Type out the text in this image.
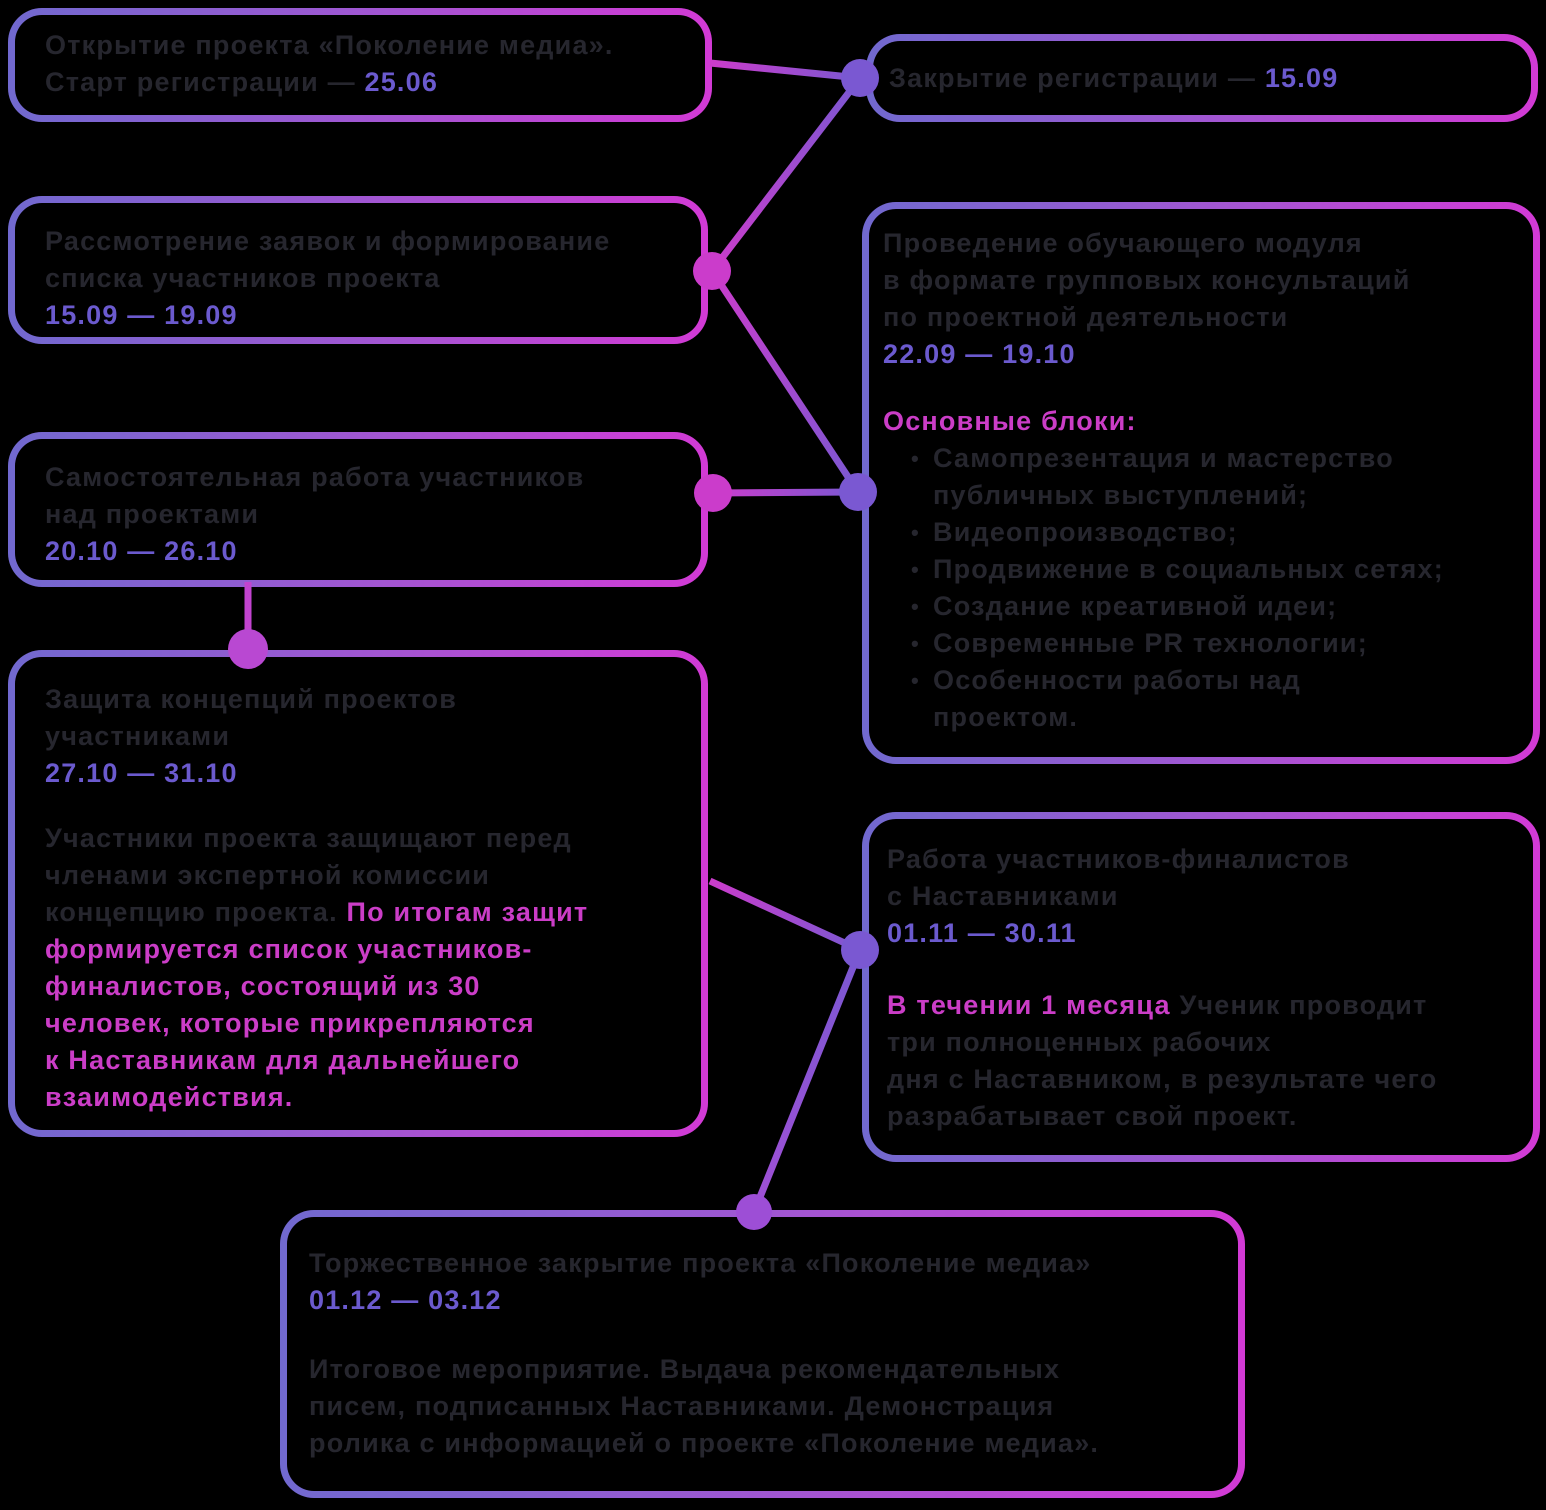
Открытие проекта «Поколение медиа».
Старт регистрации — 25.06	Закрытие регистрации — 15.09
Рассмотрение заявок и формирование
списка участников проекта
15.09 — 19.09
Самостоятельная работа участников
над проектами
20.10 — 26.10
Проведение обучающего модуля
в формате групповых консультаций
по проектной деятельности
22.09 — 19.10
Основные блоки:
• Самопрезентация и мастерство
публичных выступлений;
• Видеопроизводство;
• Продвижение в социальных сетях;
• Создание креативной идеи;
• Современные PR технологии;
• Особенности работы над
проектом.
Защита концепций проектов
участниками
27.10 — 31.10
Участники проекта защищают перед
членами экспертной комиссии
концепцию проекта. По итогам защит
формируется список участников-
финалистов, состоящий из 30
человек, которые прикрепляются
к Наставникам для дальнейшего
взаимодействия.
Работа участников-финалистов
с Наставниками
01.11 — 30.11
В течении 1 месяца Ученик проводит
три полноценных рабочих
дня с Наставником, в результате чего
разрабатывает свой проект.
Торжественное закрытие проекта «Поколение медиа»
01.12 — 03.12
Итоговое мероприятие. Выдача рекомендательных
писем, подписанных Наставниками. Демонстрация
ролика с информацией о проекте «Поколение медиа».
